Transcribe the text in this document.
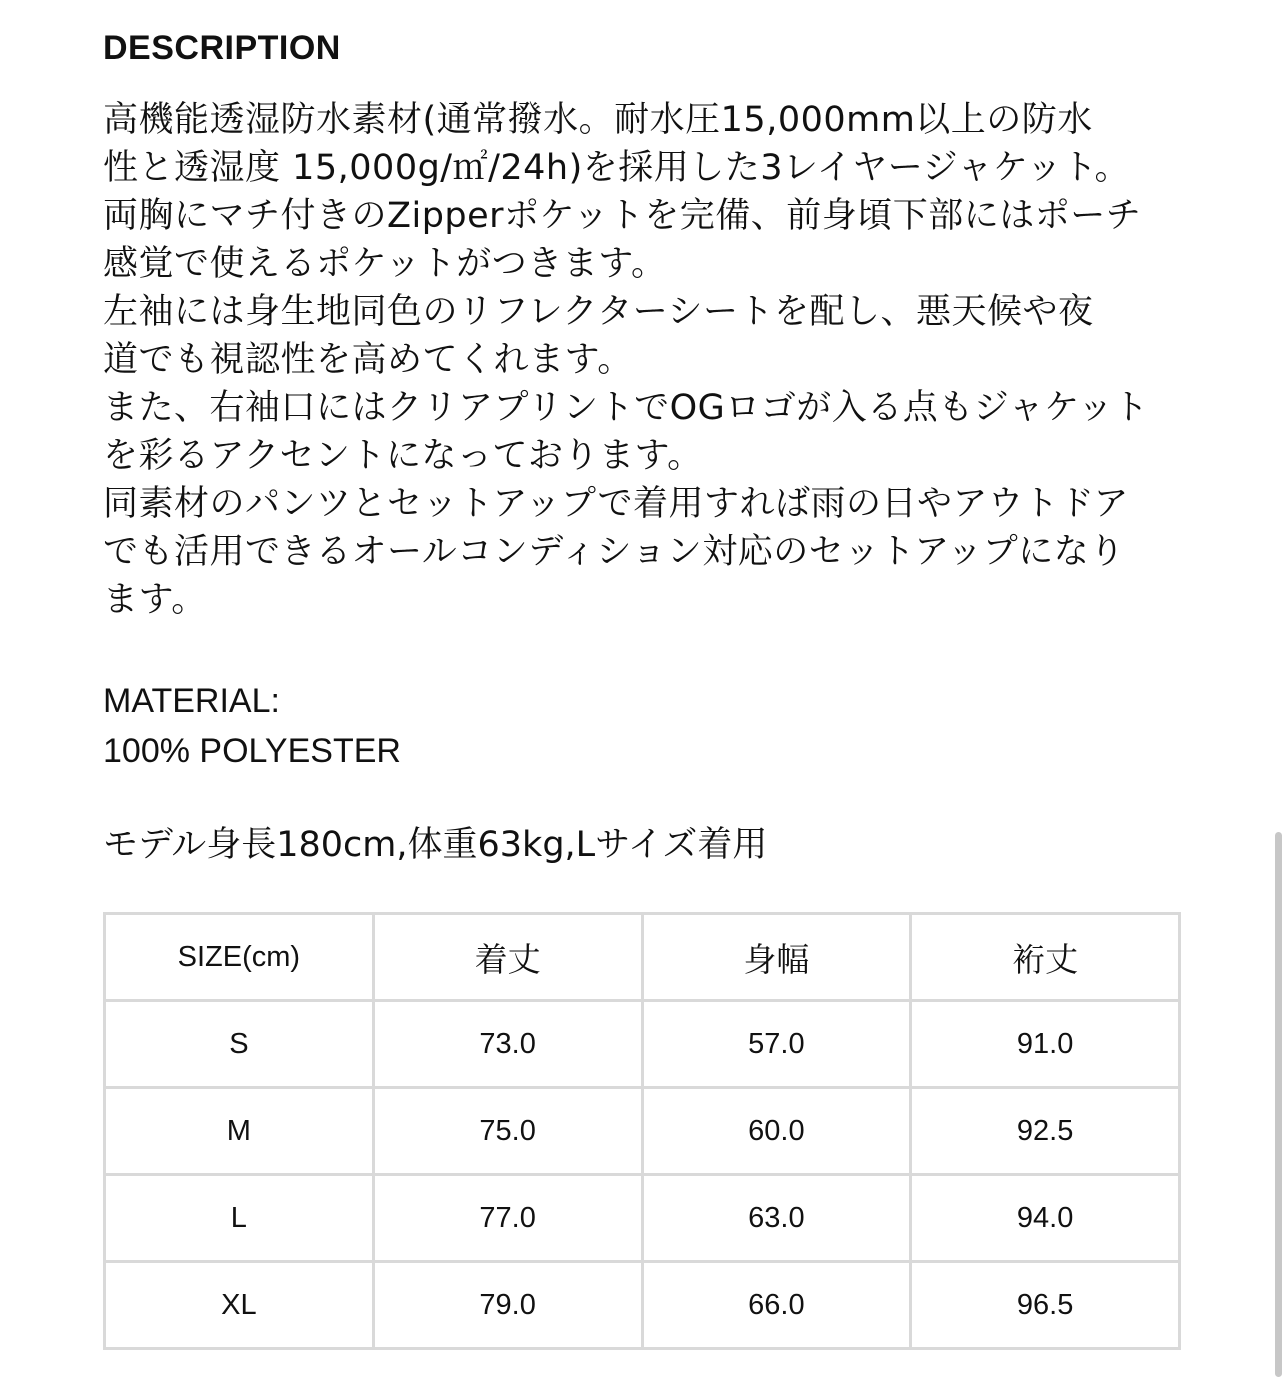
DESCRIPTION
高機能透湿防水素材(通常撥水。耐水圧15,000mm以上の防水
性と透湿度 15,000g/㎡/24h)を採用した3レイヤージャケット。
両胸にマチ付きのZipperポケットを完備、前身頃下部にはポーチ
感覚で使えるポケットがつきます。
左袖には身生地同色のリフレクターシートを配し、悪天候や夜
道でも視認性を高めてくれます。
また、右袖口にはクリアプリントでOGロゴが入る点もジャケット
を彩るアクセントになっております。
同素材のパンツとセットアップで着用すれば雨の日やアウトドア
でも活用できるオールコンディション対応のセットアップになり
ます。
MATERIAL:
100% POLYESTER
モデル身長180cm,体重63kg,Lサイズ着用
SIZE(cm)	着丈	身幅	裄丈
S	73.0	57.0	91.0
M	75.0	60.0	92.5
L	77.0	63.0	94.0
XL	79.0	66.0	96.5
